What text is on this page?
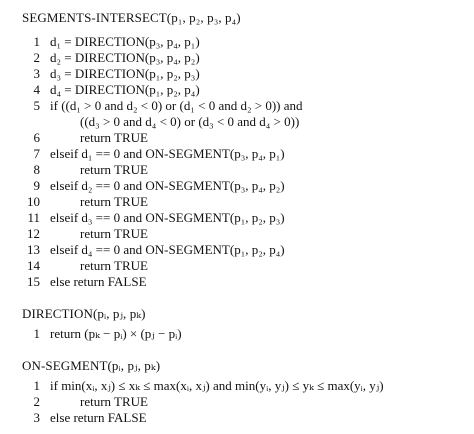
SEGMENTS-INTERSECT(p₁, p₂, p₃, p₄)
1 d₁ = DIRECTION(p₃, p₄, p₁)
2 d₂ = DIRECTION(p₃, p₄, p₂)
3 d₃ = DIRECTION(p₁, p₂, p₃)
4 d₄ = DIRECTION(p₁, p₂, p₄)
5 if ((d₁ > 0 and d₂ < 0) or (d₁ < 0 and d₂ > 0)) and
((d₃ > 0 and d₄ < 0) or (d₃ < 0 and d₄ > 0))
6	return TRUE
7 elseif d₁ == 0 and ON-SEGMENT(p₃, p₄, p₁)
8	return TRUE
9 elseif d₂ == 0 and ON-SEGMENT(p₃, p₄, p₂)
10	return TRUE
11 elseif d₃ == 0 and ON-SEGMENT(p₁, p₂, p₃)
12	return TRUE
13 elseif d₄ == 0 and ON-SEGMENT(p₁, p₂, p₄)
14	return TRUE
15 else return FALSE
DIRECTION(pᵢ, pⱼ, pₖ)
1 return (pₖ − pᵢ) × (pⱼ − pᵢ)
ON-SEGMENT(pᵢ, pⱼ, pₖ)
1 if min(xᵢ, xⱼ) ≤ xₖ ≤ max(xᵢ, xⱼ) and min(yᵢ, yⱼ) ≤ yₖ ≤ max(yᵢ, yⱼ)
2	return TRUE
3 else return FALSE
